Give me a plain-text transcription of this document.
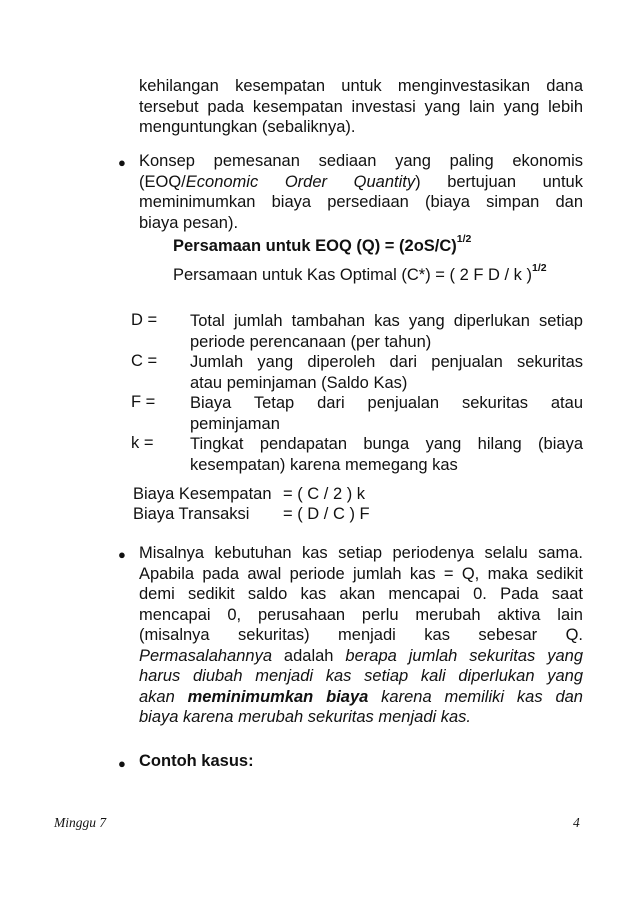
kehilangan kesempatan untuk menginvestasikan dana
tersebut pada kesempatan investasi yang lain yang lebih
menguntungkan (sebaliknya).
● Konsep pemesanan sediaan yang paling ekonomis
(EOQ/Economic Order Quantity) bertujuan untuk
meminimumkan biaya persediaan (biaya simpan dan
biaya pesan).
Persamaan untuk EOQ $(Q) = (2oS/C)^{1/2}$
Persamaan untuk Kas Optimal (C*) = ( 2 F D / k )$^{1/2}$
D =	Total jumlah tambahan kas yang diperlukan setiap
periode perencanaan (per tahun)
C =	Jumlah yang diperoleh dari penjualan sekuritas
atau peminjaman (Saldo Kas)
F =	Biaya Tetap dari penjualan sekuritas atau
peminjaman
k =	Tingkat pendapatan bunga yang hilang (biaya
kesempatan) karena memegang kas
Biaya Kesempatan = ( C / 2 ) k
Biaya Transaksi = ( D / C ) F
● Misalnya kebutuhan kas setiap periodenya selalu sama.
Apabila pada awal periode jumlah kas = Q, maka sedikit
demi sedikit saldo kas akan mencapai 0. Pada saat
mencapai 0, perusahaan perlu merubah aktiva lain
(misalnya sekuritas) menjadi kas sebesar Q.
Permasalahannya adalah berapa jumlah sekuritas yang
harus diubah menjadi kas setiap kali diperlukan yang
akan meminimumkan biaya karena memiliki kas dan
biaya karena merubah sekuritas menjadi kas.
● Contoh kasus:
Minggu 7	4
